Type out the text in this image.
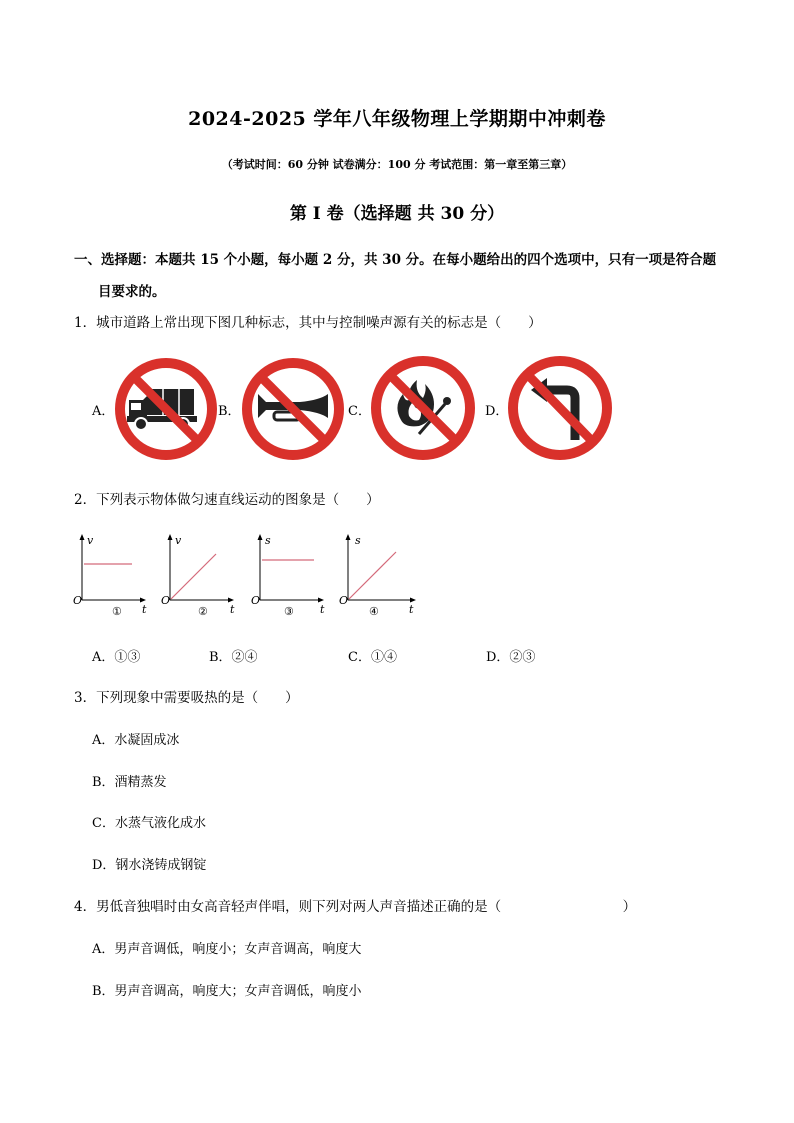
2024-2025 学年八年级物理上学期期中冲刺卷
（考试时间：60 分钟 试卷满分：100 分 考试范围：第一章至第三章）
第 I 卷（选择题 共 30 分）
一、选择题：本题共 15 个小题，每小题 2 分，共 30 分。在每小题给出的四个选项中，只有一项是符合题
目要求的。
1．城市道路上常出现下图几种标志，其中与控制噪声源有关的标志是（　　）
A．	B．	C．	D．
2．下列表示物体做匀速直线运动的图象是（　　）
v
O
t
①
v
O
t
②
s
O
t
③
s
O
t
④
A．①③	B．②④	C．①④	D．②③
3．下列现象中需要吸热的是（　　）
A．水凝固成冰
B．酒精蒸发
C．水蒸气液化成水
D．钢水浇铸成钢锭
4．男低音独唱时由女高音轻声伴唱，则下列对两人声音描述正确的是（　　　　　　　　　）
A．男声音调低，响度小；女声音调高，响度大
B．男声音调高，响度大；女声音调低，响度小
